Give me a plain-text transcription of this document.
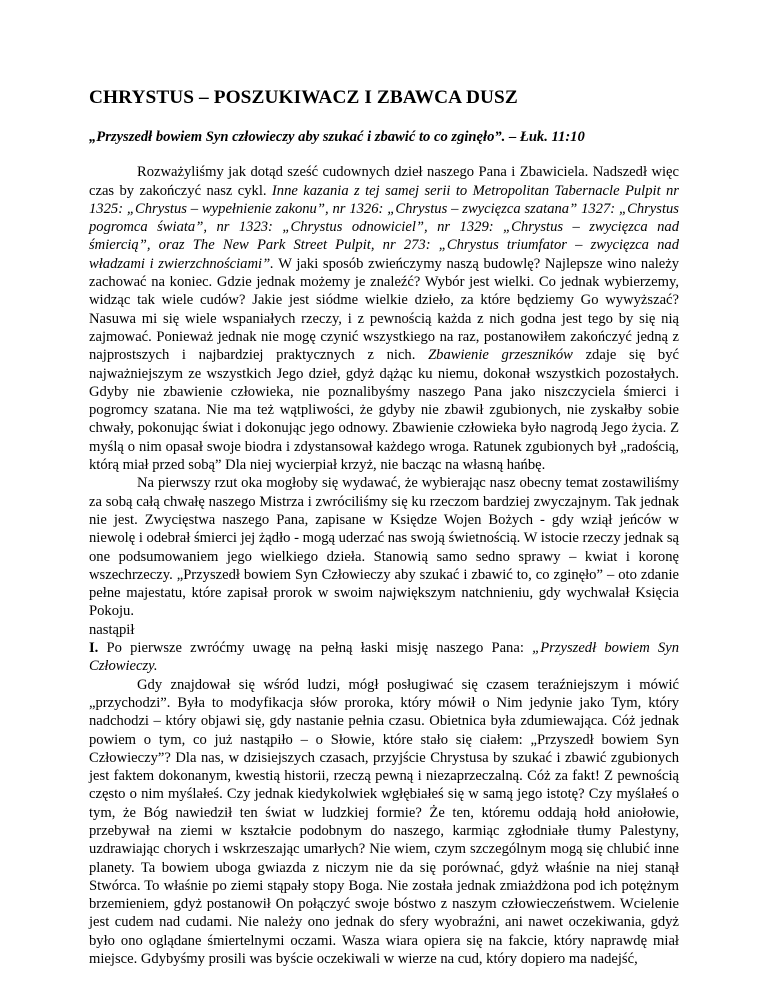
CHRYSTUS – POSZUKIWACZ I ZBAWCA DUSZ

„Przyszedł bowiem Syn człowieczy aby szukać i zbawić to co zginęło”. – Łuk. 11:10

Rozważyliśmy jak dotąd sześć cudownych dzieł naszego Pana i Zbawiciela. Nadszedł więc czas by zakończyć nasz cykl. Inne kazania z tej samej serii to Metropolitan Tabernacle Pulpit nr 1325: „Chrystus – wypełnienie zakonu”, nr 1326: „Chrystus – zwycięzca szatana” 1327: „Chrystus pogromca świata”, nr 1323: „Chrystus odnowiciel”, nr 1329: „Chrystus – zwycięzca nad śmiercią”, oraz The New Park Street Pulpit, nr 273: „Chrystus triumfator – zwycięzca nad władzami i zwierzchnościami”. W jaki sposób zwieńczymy naszą budowlę? Najlepsze wino należy zachować na koniec. Gdzie jednak możemy je znaleźć? Wybór jest wielki. Co jednak wybierzemy, widząc tak wiele cudów? Jakie jest siódme wielkie dzieło, za które będziemy Go wywyższać? Nasuwa mi się wiele wspaniałych rzeczy, i z pewnością każda z nich godna jest tego by się nią zajmować. Ponieważ jednak nie mogę czynić wszystkiego na raz, postanowiłem zakończyć jedną z najprostszych i najbardziej praktycznych z nich. Zbawienie grzeszników zdaje się być najważniejszym ze wszystkich Jego dzieł, gdyż dążąc ku niemu, dokonał wszystkich pozostałych. Gdyby nie zbawienie człowieka, nie poznalibyśmy naszego Pana jako niszczyciela śmierci i pogromcy szatana. Nie ma też wątpliwości, że gdyby nie zbawił zgubionych, nie zyskałby sobie chwały, pokonując świat i dokonując jego odnowy. Zbawienie człowieka było nagrodą Jego życia. Z myślą o nim opasał swoje biodra i zdystansował każdego wroga. Ratunek zgubionych był „radością, którą miał przed sobą” Dla niej wycierpiał krzyż, nie bacząc na własną hańbę.

Na pierwszy rzut oka mogłoby się wydawać, że wybierając nasz obecny temat zostawiliśmy za sobą całą chwałę naszego Mistrza i zwróciliśmy się ku rzeczom bardziej zwyczajnym. Tak jednak nie jest. Zwycięstwa naszego Pana, zapisane w Księdze Wojen Bożych - gdy wziął jeńców w niewolę i odebrał śmierci jej żądło - mogą uderzać nas swoją świetnością. W istocie rzeczy jednak są one podsumowaniem jego wielkiego dzieła. Stanowią samo sedno sprawy – kwiat i koronę wszechrzeczy. „Przyszedł bowiem Syn Człowieczy aby szukać i zbawić to, co zginęło” – oto zdanie pełne majestatu, które zapisał prorok w swoim największym natchnieniu, gdy wychwalał Księcia Pokoju.

nastąpił

I. Po pierwsze zwróćmy uwagę na pełną łaski misję naszego Pana: „Przyszedł bowiem Syn Człowieczy.

Gdy znajdował się wśród ludzi, mógł posługiwać się czasem teraźniejszym i mówić „przychodzi”. Była to modyfikacja słów proroka, który mówił o Nim jedynie jako Tym, który nadchodzi – który objawi się, gdy nastanie pełnia czasu. Obietnica była zdumiewająca. Cóż jednak powiem o tym, co już nastąpiło – o Słowie, które stało się ciałem: „Przyszedł bowiem Syn Człowieczy”? Dla nas, w dzisiejszych czasach, przyjście Chrystusa by szukać i zbawić zgubionych jest faktem dokonanym, kwestią historii, rzeczą pewną i niezaprzeczalną. Cóż za fakt! Z pewnością często o nim myślałeś. Czy jednak kiedykolwiek wgłębiałeś się w samą jego istotę? Czy myślałeś o tym, że Bóg nawiedził ten świat w ludzkiej formie? Że ten, któremu oddają hołd aniołowie, przebywał na ziemi w kształcie podobnym do naszego, karmiąc zgłodniałe tłumy Palestyny, uzdrawiając chorych i wskrzeszając umarłych? Nie wiem, czym szczególnym mogą się chlubić inne planety. Ta bowiem uboga gwiazda z niczym nie da się porównać, gdyż właśnie na niej stanął Stwórca. To właśnie po ziemi stąpały stopy Boga. Nie została jednak zmiażdżona pod ich potężnym brzemieniem, gdyż postanowił On połączyć swoje bóstwo z naszym człowieczeństwem. Wcielenie jest cudem nad cudami. Nie należy ono jednak do sfery wyobraźni, ani nawet oczekiwania, gdyż było ono oglądane śmiertelnymi oczami. Wasza wiara opiera się na fakcie, który naprawdę miał miejsce. Gdybyśmy prosili was byście oczekiwali w wierze na cud, który dopiero ma nadejść,
